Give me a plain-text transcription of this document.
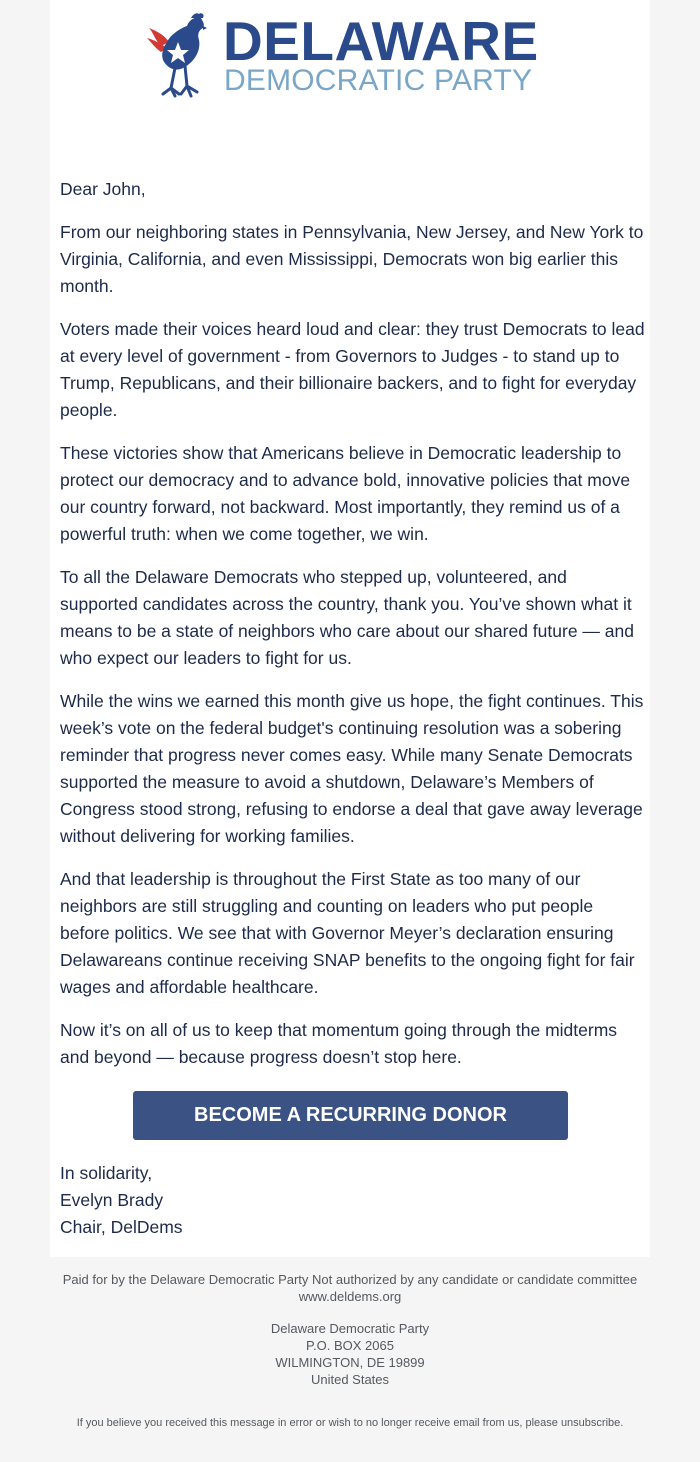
DELAWARE
DEMOCRATIC PARTY

Dear John,

From our neighboring states in Pennsylvania, New Jersey, and New York to Virginia, California, and even Mississippi, Democrats won big earlier this month.

Voters made their voices heard loud and clear: they trust Democrats to lead at every level of government - from Governors to Judges - to stand up to Trump, Republicans, and their billionaire backers, and to fight for everyday people.

These victories show that Americans believe in Democratic leadership to protect our democracy and to advance bold, innovative policies that move our country forward, not backward. Most importantly, they remind us of a powerful truth: when we come together, we win.

To all the Delaware Democrats who stepped up, volunteered, and supported candidates across the country, thank you. You’ve shown what it means to be a state of neighbors who care about our shared future — and who expect our leaders to fight for us.

While the wins we earned this month give us hope, the fight continues. This week’s vote on the federal budget's continuing resolution was a sobering reminder that progress never comes easy. While many Senate Democrats supported the measure to avoid a shutdown, Delaware’s Members of Congress stood strong, refusing to endorse a deal that gave away leverage without delivering for working families.

And that leadership is throughout the First State as too many of our neighbors are still struggling and counting on leaders who put people before politics. We see that with Governor Meyer’s declaration ensuring Delawareans continue receiving SNAP benefits to the ongoing fight for fair wages and affordable healthcare.

Now it’s on all of us to keep that momentum going through the midterms and beyond — because progress doesn’t stop here.

BECOME A RECURRING DONOR
In solidarity,
Evelyn Brady
Chair, DelDems
Paid for by the Delaware Democratic Party Not authorized by any candidate or candidate committee www.deldems.org
Delaware Democratic Party
P.O. BOX 2065
WILMINGTON, DE 19899
United States
If you believe you received this message in error or wish to no longer receive email from us, please unsubscribe.
